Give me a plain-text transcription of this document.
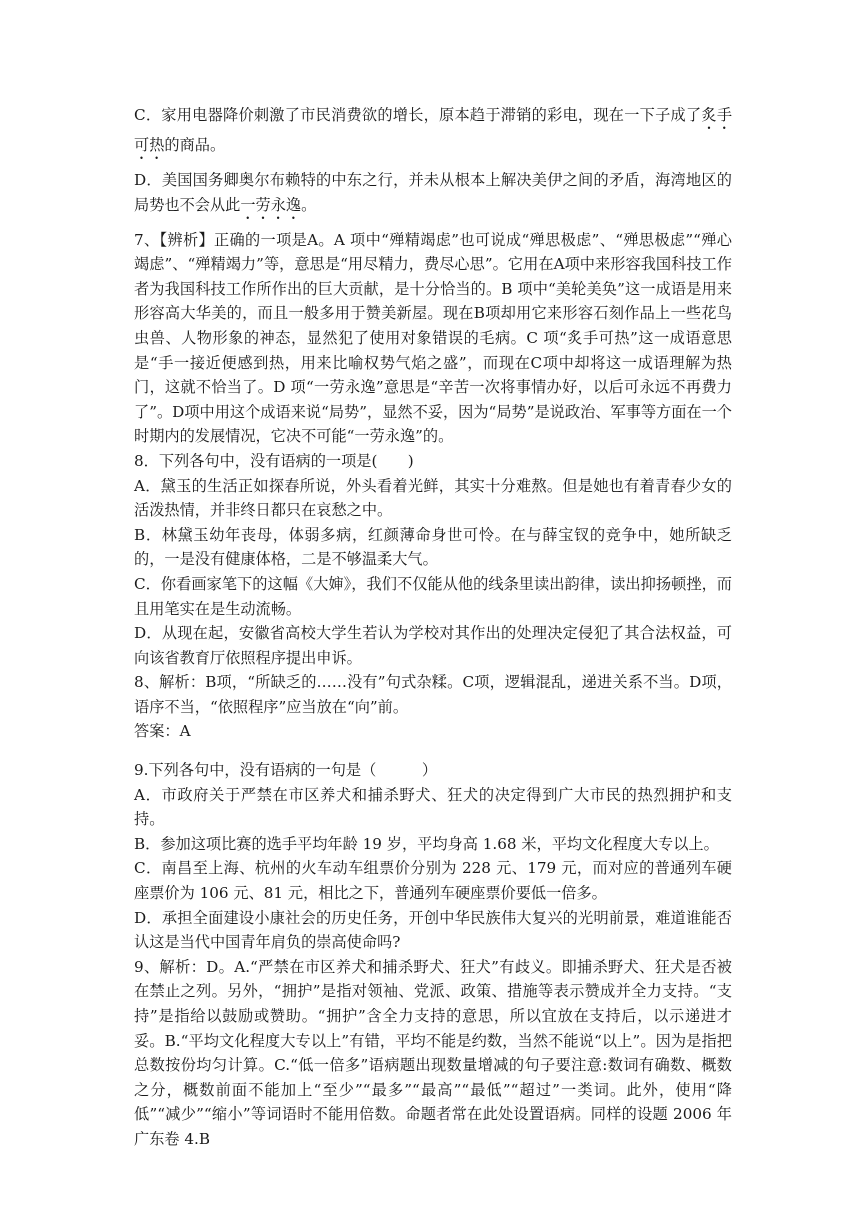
C．家用电器降价刺激了市民消费欲的增长，原本趋于滞销的彩电，现在一下子成了炙手可热的商品。

D．美国国务卿奥尔布赖特的中东之行，并未从根本上解决美伊之间的矛盾，海湾地区的局势也不会从此一劳永逸。

7、【辨析】正确的一项是A。A 项中“殚精竭虑”也可说成“殚思极虑”、“殚思极虑”“殚心竭虑”、“殚精竭力”等，意思是“用尽精力，费尽心思”。它用在A项中来形容我国科技工作者为我国科技工作所作出的巨大贡献，是十分恰当的。B 项中“美轮美奂”这一成语是用来形容高大华美的，而且一般多用于赞美新屋。现在B项却用它来形容石刻作品上一些花鸟虫兽、人物形象的神态，显然犯了使用对象错误的毛病。C 项“炙手可热”这一成语意思是“手一接近便感到热，用来比喻权势气焰之盛”，而现在C项中却将这一成语理解为热门，这就不恰当了。D 项“一劳永逸”意思是“辛苦一次将事情办好，以后可永远不再费力了”。D项中用这个成语来说“局势”，显然不妥，因为“局势”是说政治、军事等方面在一个时期内的发展情况，它决不可能“一劳永逸”的。

8．下列各句中，没有语病的一项是(　　)

A．黛玉的生活正如探春所说，外头看着光鲜，其实十分难熬。但是她也有着青春少女的活泼热情，并非终日都只在哀愁之中。

B．林黛玉幼年丧母，体弱多病，红颜薄命身世可怜。在与薛宝钗的竞争中，她所缺乏的，一是没有健康体格，二是不够温柔大气。

C．你看画家笔下的这幅《大婶》，我们不仅能从他的线条里读出韵律，读出抑扬顿挫，而且用笔实在是生动流畅。

D．从现在起，安徽省高校大学生若认为学校对其作出的处理决定侵犯了其合法权益，可向该省教育厅依照程序提出申诉。

8、解析：B项，“所缺乏的……没有”句式杂糅。C项，逻辑混乱，递进关系不当。D项，语序不当，“依照程序”应当放在“向”前。

答案：A

9.下列各句中，没有语病的一句是（　　　）

A．市政府关于严禁在市区养犬和捕杀野犬、狂犬的决定得到广大市民的热烈拥护和支持。

B．参加这项比赛的选手平均年龄 19 岁，平均身高 1.68 米，平均文化程度大专以上。

C．南昌至上海、杭州的火车动车组票价分别为 228 元、179 元，而对应的普通列车硬座票价为 106 元、81 元，相比之下，普通列车硬座票价要低一倍多。

D．承担全面建设小康社会的历史任务，开创中华民族伟大复兴的光明前景，难道谁能否认这是当代中国青年肩负的崇高使命吗?

9、解析：D。A.“严禁在市区养犬和捕杀野犬、狂犬”有歧义。即捕杀野犬、狂犬是否被在禁止之列。另外，“拥护”是指对领袖、党派、政策、措施等表示赞成并全力支持。“支持”是指给以鼓励或赞助。“拥护”含全力支持的意思，所以宜放在支持后，以示递进才妥。B.“平均文化程度大专以上”有错，平均不能是约数，当然不能说“以上”。因为是指把总数按份均匀计算。C.“低一倍多”语病题出现数量增减的句子要注意:数词有确数、概数之分，概数前面不能加上“至少”“最多”“最高”“最低”“超过”一类词。此外，使用“降低”“减少”“缩小”等词语时不能用倍数。命题者常在此处设置语病。同样的设题 2006 年广东卷 4.B
